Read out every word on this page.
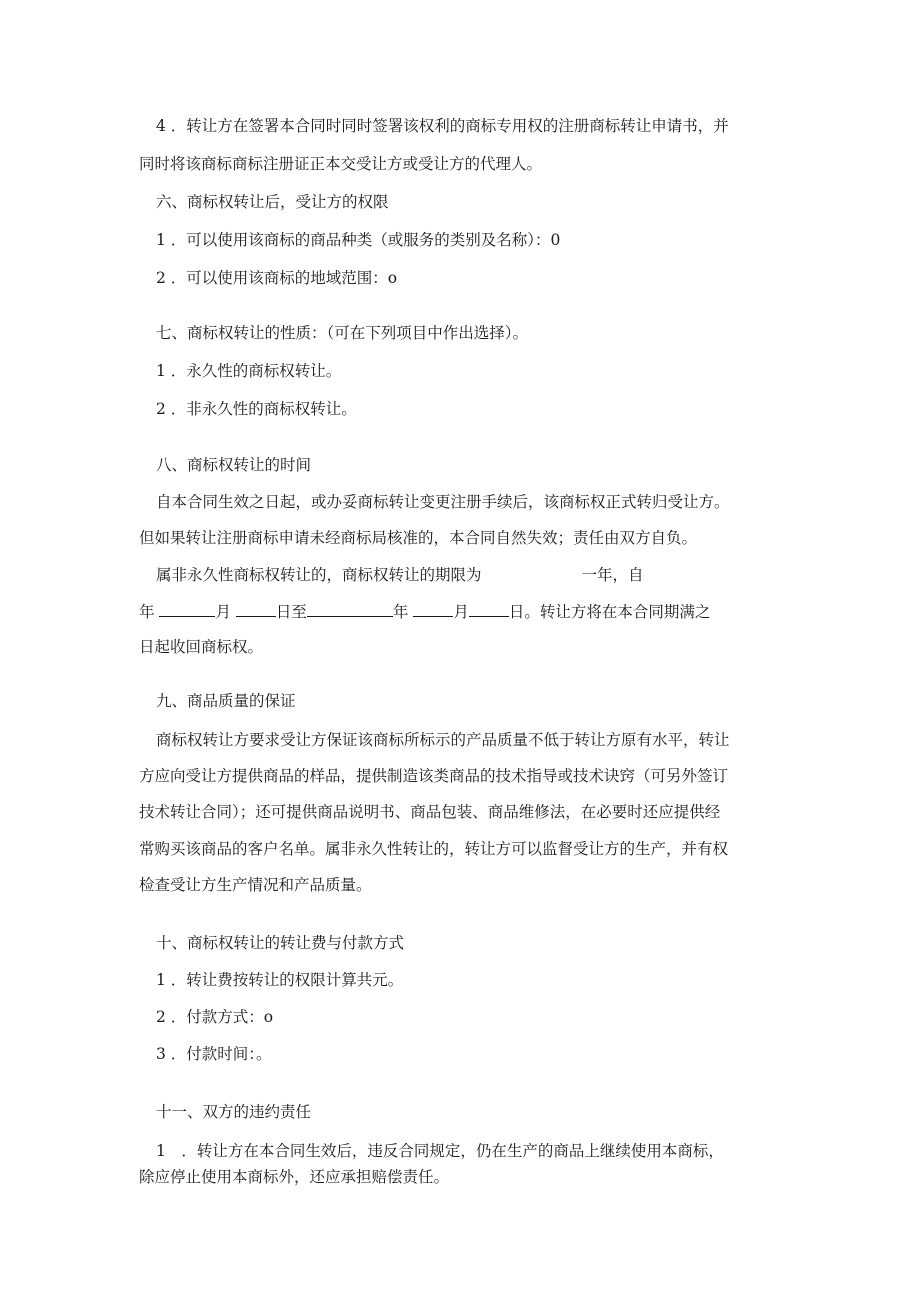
4 ．转让方在签署本合同时同时签署该权利的商标专用权的注册商标转让申请书，并
同时将该商标商标注册证正本交受让方或受让方的代理人。
六、商标权转让后，受让方的权限
1 ．可以使用该商标的商品种类（或服务的类别及名称）：0
2 ．可以使用该商标的地域范围：o
七、商标权转让的性质：（可在下列项目中作出选择）。
1 ．永久性的商标权转让。
2 ．非永久性的商标权转让。
八、商标权转让的时间
自本合同生效之日起，或办妥商标转让变更注册手续后，该商标权正式转归受让方。
但如果转让注册商标申请未经商标局核准的，本合同自然失效；责任由双方自负。
属非永久性商标权转让的，商标权转让的期限为	一年，自
年	月	日至	年	月	日。转让方将在本合同期满之
日起收回商标权。
九、商品质量的保证
商标权转让方要求受让方保证该商标所标示的产品质量不低于转让方原有水平，转让
方应向受让方提供商品的样品，提供制造该类商品的技术指导或技术诀窍（可另外签订
技术转让合同）；还可提供商品说明书、商品包装、商品维修法，在必要时还应提供经
常购买该商品的客户名单。属非永久性转让的，转让方可以监督受让方的生产，并有权
检查受让方生产情况和产品质量。
十、商标权转让的转让费与付款方式
1 ．转让费按转让的权限计算共元。
2 ．付款方式：o
3 ．付款时间：。
十一、双方的违约责任
1　．转让方在本合同生效后，违反合同规定，仍在生产的商品上继续使用本商标，
除应停止使用本商标外，还应承担赔偿责任。
